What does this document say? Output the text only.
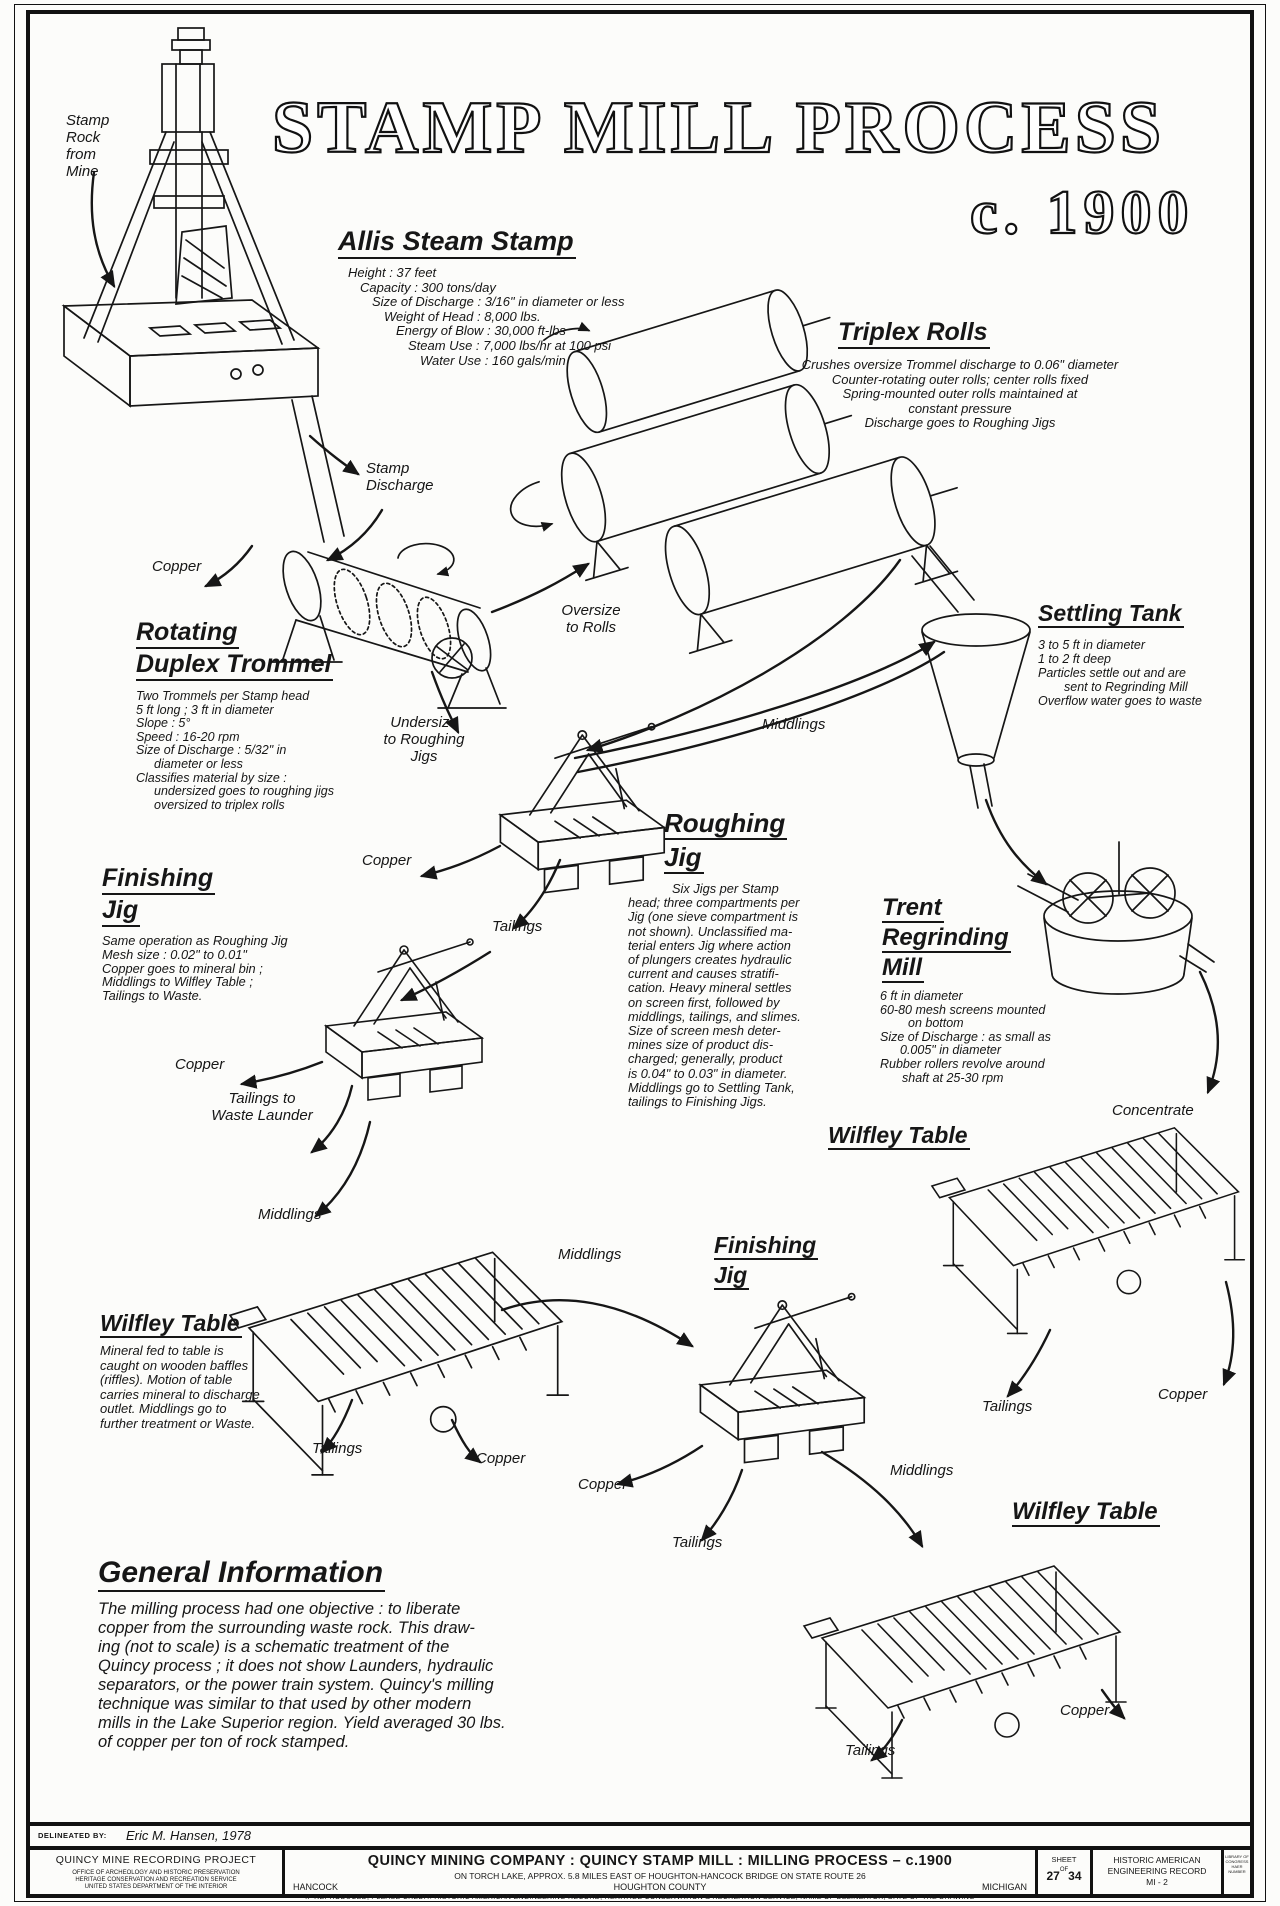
STAMP MILL PROCESS
c. 1900
Allis Steam Stamp
Height : 37 feet
Capacity : 300 tons/day
Size of Discharge : 3/16" in diameter or less
Weight of Head : 8,000 lbs.
Energy of Blow : 30,000 ft-lbs
Steam Use : 7,000 lbs/hr at 100 psi
Water Use : 160 gals/min
Triplex Rolls
Crushes oversize Trommel discharge to 0.06" diameter
Counter-rotating outer rolls; center rolls fixed
Spring-mounted outer rolls maintained at
constant pressure
Discharge goes to Roughing Jigs
Rotating
Duplex Trommel
Two Trommels per Stamp head
5 ft long ; 3 ft in diameter
Slope : 5°
Speed : 16-20 rpm
Size of Discharge : 5/32" in
diameter or less
Classifies material by size :
undersized goes to roughing jigs
oversized to triplex rolls
Settling Tank
3 to 5 ft in diameter
1 to 2 ft deep
Particles settle out and are
sent to Regrinding Mill
Overflow water goes to waste
Roughing
Jig
Six Jigs per Stamp
head; three compartments per
Jig (one sieve compartment is
not shown). Unclassified ma-
terial enters Jig where action
of plungers creates hydraulic
current and causes stratifi-
cation. Heavy mineral settles
on screen first, followed by
middlings, tailings, and slimes.
Size of screen mesh deter-
mines size of product dis-
charged; generally, product
is 0.04" to 0.03" in diameter.
Middlings go to Settling Tank,
tailings to Finishing Jigs.
Finishing
Jig
Same operation as Roughing Jig
Mesh size : 0.02" to 0.01"
Copper goes to mineral bin ;
Middlings to Wilfley Table ;
Tailings to Waste.
Trent
Regrinding
Mill
6 ft in diameter
60-80 mesh screens mounted
on bottom
Size of Discharge : as small as
0.005" in diameter
Rubber rollers revolve around
shaft at 25-30 rpm
Wilfley Table
Wilfley Table
Mineral fed to table is
caught on wooden baffles
(riffles). Motion of table
carries mineral to discharge
outlet. Middlings go to
further treatment or Waste.
Finishing
Jig
Wilfley Table
General Information
The milling process had one objective : to liberate
copper from the surrounding waste rock. This draw-
ing (not to scale) is a schematic treatment of the
Quincy process ; it does not show Launders, hydraulic
separators, or the power train system. Quincy's milling
technique was similar to that used by other modern
mills in the Lake Superior region. Yield averaged 30 lbs.
of copper per ton of rock stamped.
Stamp
Rock
from
Mine
Stamp
Discharge
Copper
Oversize
to Rolls
Undersize
to Roughing
Jigs
Middlings
Copper
Tailings
Copper
Tailings to
Waste Launder
Middlings
Concentrate
Middlings
Tailings
Copper
Copper
Tailings
Middlings
Tailings
Copper
Tailings
Copper
DELINEATED BY: Eric M. Hansen, 1978
QUINCY MINE RECORDING PROJECT
OFFICE OF ARCHEOLOGY AND HISTORIC PRESERVATION
HERITAGE CONSERVATION AND RECREATION SERVICE
UNITED STATES DEPARTMENT OF THE INTERIOR
QUINCY MINING COMPANY : QUINCY STAMP MILL : MILLING PROCESS – c.1900
ON TORCH LAKE, APPROX. 5.8 MILES EAST OF HOUGHTON-HANCOCK BRIDGE ON STATE ROUTE 26
HANCOCK	HOUGHTON COUNTY	MICHIGAN
SHEET
$27^{OF}34$
HISTORIC AMERICAN
ENGINEERING RECORD
MI - 2
LIBRARY OF CONGRESS
HAER NUMBER
IF REPRODUCED, PLEASE CREDIT: HISTORIC AMERICAN ENGINEERING RECORD, HERITAGE CONSERVATION & RECREATION SERVICE, NAME OF DELINEATOR, DATE OF THE DRAWING
